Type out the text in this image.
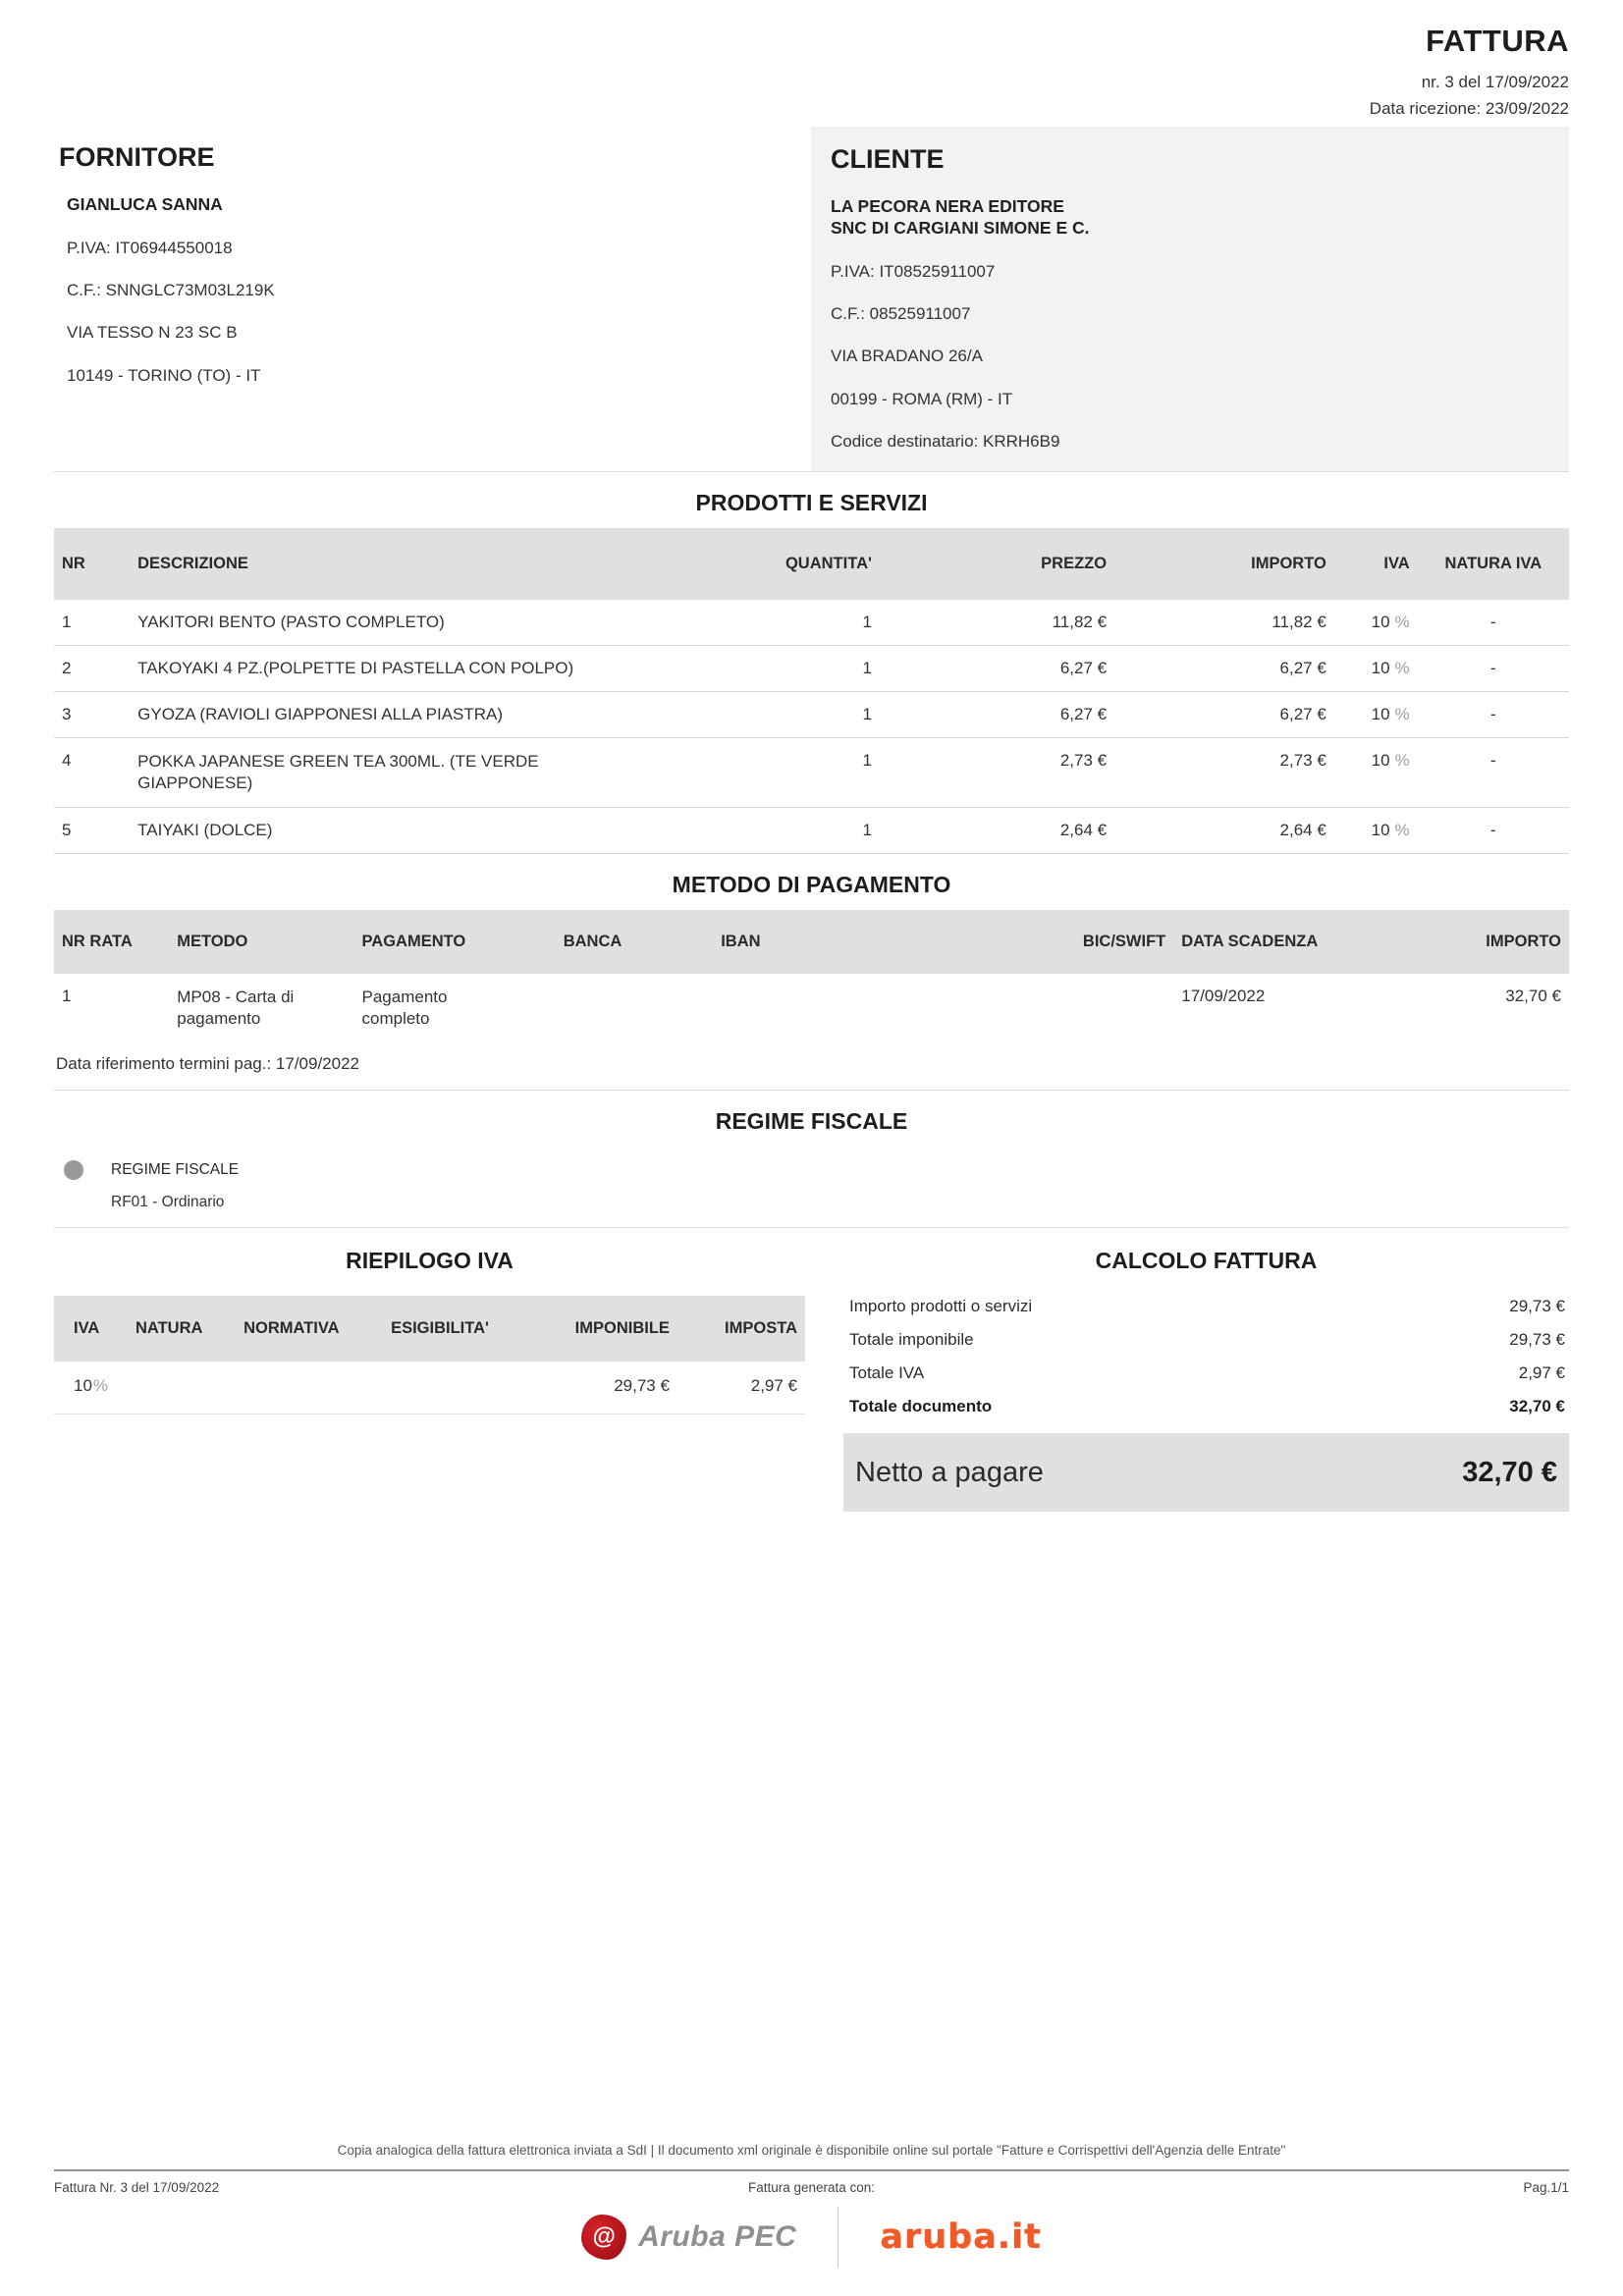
FATTURA
nr. 3 del 17/09/2022
Data ricezione: 23/09/2022
FORNITORE
GIANLUCA SANNA
P.IVA: IT06944550018
C.F.: SNNGLC73M03L219K
VIA TESSO N 23 SC B
10149 - TORINO (TO) - IT
CLIENTE
LA PECORA NERA EDITORE
SNC DI CARGIANI SIMONE E C.
P.IVA: IT08525911007
C.F.: 08525911007
VIA BRADANO 26/A
00199 - ROMA (RM) - IT
Codice destinatario: KRRH6B9
PRODOTTI E SERVIZI
NR	DESCRIZIONE	QUANTITA'	PREZZO	IMPORTO	IVA	NATURA IVA
1	YAKITORI BENTO (PASTO COMPLETO)	1	11,82 €	11,82 €	10 %	-
2	TAKOYAKI 4 PZ.(POLPETTE DI PASTELLA CON POLPO)	1	6,27 €	6,27 €	10 %	-
3	GYOZA (RAVIOLI GIAPPONESI ALLA PIASTRA)	1	6,27 €	6,27 €	10 %	-
4	POKKA JAPANESE GREEN TEA 300ML. (TE VERDE GIAPPONESE)	1	2,73 €	2,73 €	10 %	-
5	TAIYAKI (DOLCE)	1	2,64 €	2,64 €	10 %	-
METODO DI PAGAMENTO
NR RATA	METODO	PAGAMENTO	BANCA	IBAN	BIC/SWIFT	DATA SCADENZA	IMPORTO
1	MP08 - Carta di pagamento	Pagamento completo				17/09/2022	32,70 €
Data riferimento termini pag.: 17/09/2022
REGIME FISCALE
REGIME FISCALE
RF01 - Ordinario
RIEPILOGO IVA
IVA	NATURA	NORMATIVA	ESIGIBILITA'	IMPONIBILE	IMPOSTA
10%				29,73 €	2,97 €
CALCOLO FATTURA
Importo prodotti o servizi	29,73 €
Totale imponibile	29,73 €
Totale IVA	2,97 €
Totale documento	32,70 €
Netto a pagare	32,70 €
Copia analogica della fattura elettronica inviata a SdI | Il documento xml originale è disponibile online sul portale "Fatture e Corrispettivi dell'Agenzia delle Entrate"
Fattura Nr. 3 del 17/09/2022	Fattura generata con:	Pag.1/1
@ Aruba PEC aruba.it
